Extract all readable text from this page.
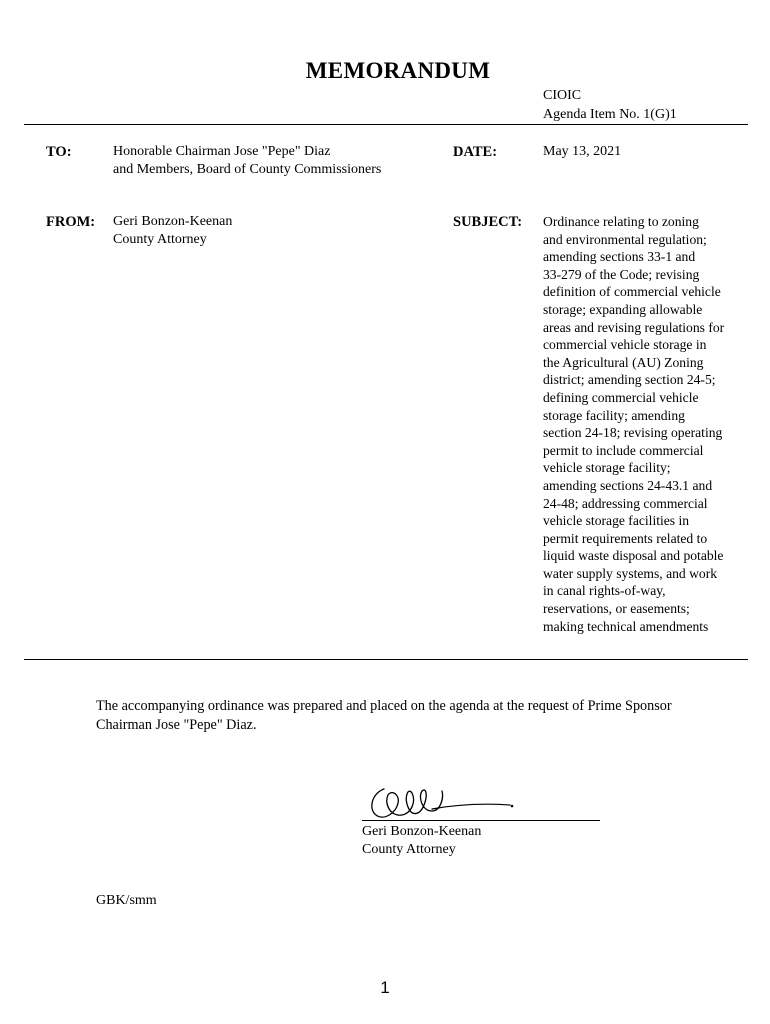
MEMORANDUM
CIOIC
Agenda Item No. 1(G)1
TO:	Honorable Chairman Jose "Pepe" Diaz
and Members, Board of County Commissioners
DATE:	May 13, 2021
FROM: Geri Bonzon-Keenan
County Attorney
SUBJECT: Ordinance relating to zoning
and environmental regulation;
amending sections 33-1 and
33-279 of the Code; revising
definition of commercial vehicle
storage; expanding allowable
areas and revising regulations for
commercial vehicle storage in
the Agricultural (AU) Zoning
district; amending section 24-5;
defining commercial vehicle
storage facility; amending
section 24-18; revising operating
permit to include commercial
vehicle storage facility;
amending sections 24-43.1 and
24-48; addressing commercial
vehicle storage facilities in
permit requirements related to
liquid waste disposal and potable
water supply systems, and work
in canal rights-of-way,
reservations, or easements;
making technical amendments
The accompanying ordinance was prepared and placed on the agenda at the request of Prime Sponsor
Chairman Jose "Pepe" Diaz.
Geri Bonzon-Keenan
County Attorney
GBK/smm
1
